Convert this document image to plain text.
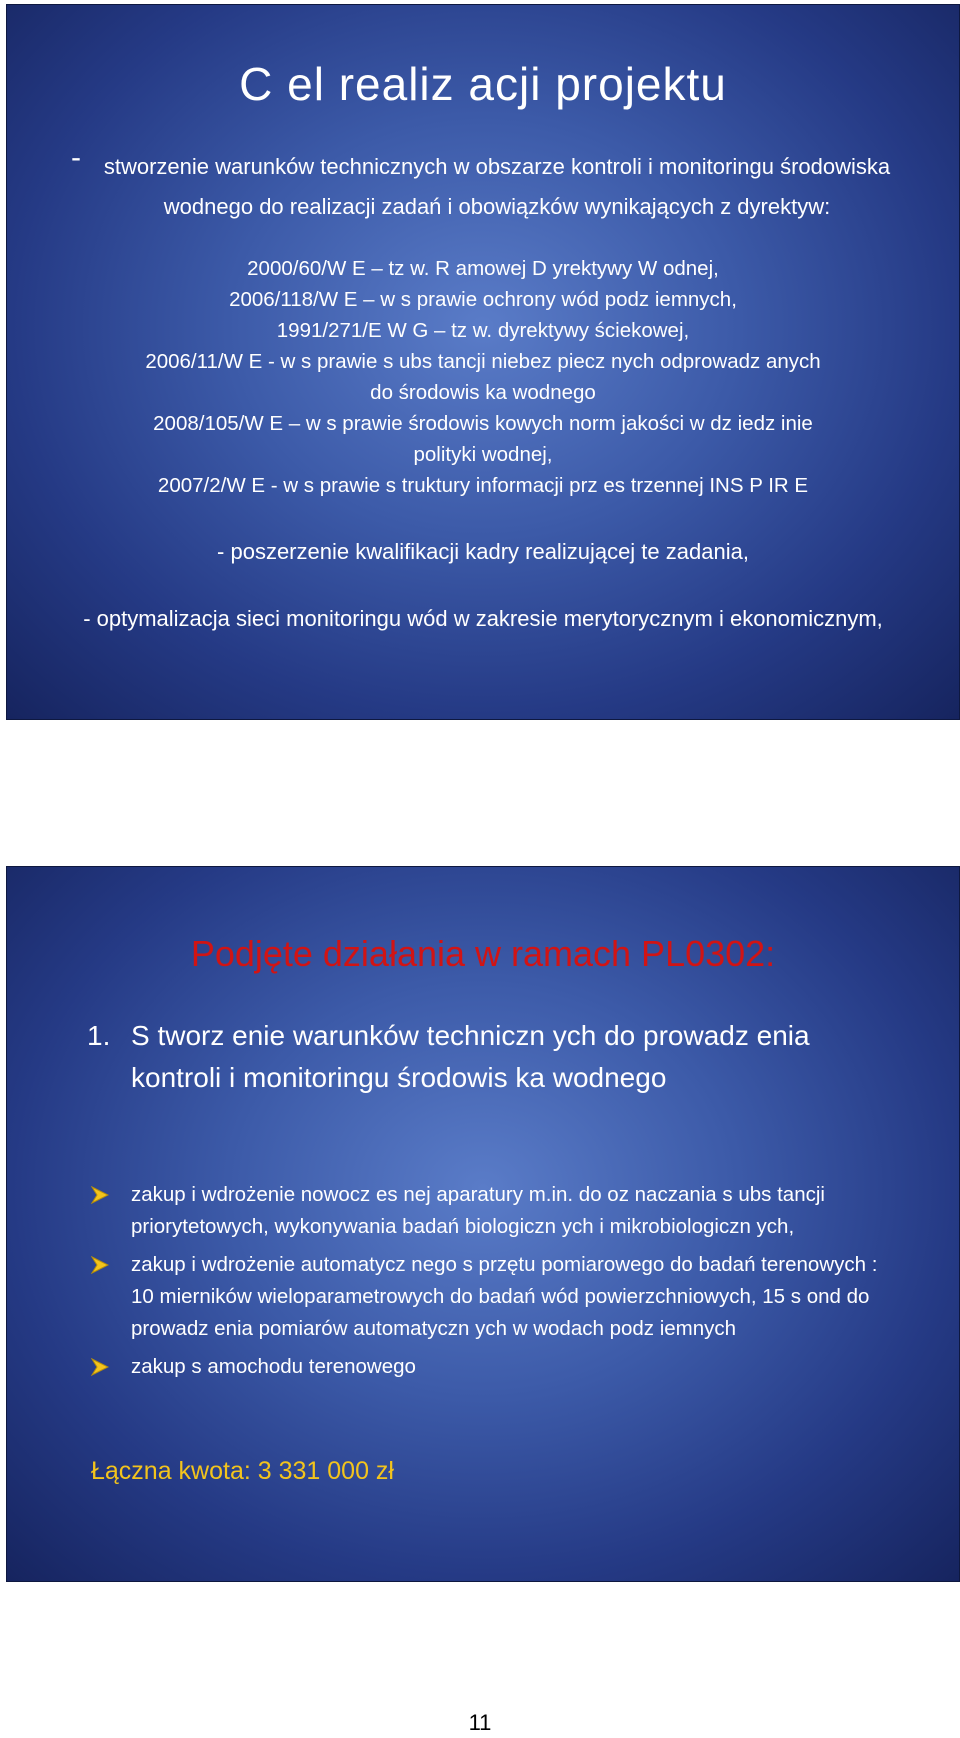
C el realiz acji projektu
-	stworzenie warunków technicznych w obszarze kontroli i monitoringu środowiska wodnego do realizacji zadań i obowiązków wynikających z dyrektyw:
2000/60/W E – tz w. R amowej D yrektywy W odnej,
2006/118/W E – w s prawie ochrony wód podz iemnych,
1991/271/E W G – tz w. dyrektywy ściekowej,
2006/11/W E - w s prawie s ubs tancji niebez piecz nych odprowadz anych
do środowis ka wodnego
2008/105/W E – w s prawie środowis kowych norm jakości w dz iedz inie
polityki wodnej,
2007/2/W E - w s prawie s truktury informacji prz es trzennej INS P IR E
- poszerzenie kwalifikacji kadry realizującej te zadania,
- optymalizacja sieci monitoringu wód w zakresie merytorycznym i ekonomicznym,
Podjęte działania w ramach PL0302:
1. S tworz enie warunków techniczn ych do prowadz enia kontroli i monitoringu środowis ka wodnego
zakup i wdrożenie nowocz es nej aparatury m.in. do oz naczania s ubs tancji priorytetowych, wykonywania badań biologiczn ych i mikrobiologiczn ych,
zakup i wdrożenie automatycz nego s przętu pomiarowego do badań terenowych : 10 mierników wieloparametrowych do badań wód powierzchniowych, 15 s ond do prowadz enia pomiarów automatyczn ych w wodach podz iemnych
zakup s amochodu terenowego
Łączna kwota: 3 331 000 zł
11
